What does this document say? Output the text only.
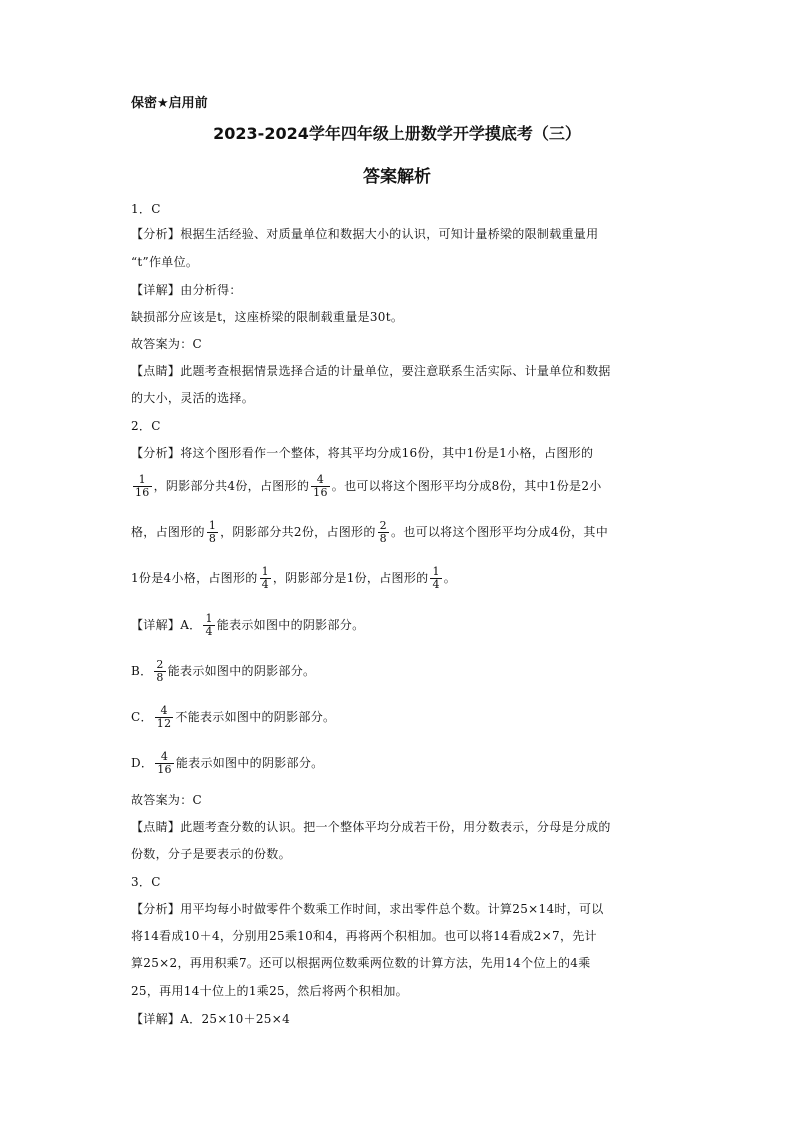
保密★启用前
2023-2024学年四年级上册数学开学摸底考（三）
答案解析
1．C
【分析】根据生活经验、对质量单位和数据大小的认识，可知计量桥梁的限制载重量用
“t”作单位。
【详解】由分析得：
缺损部分应该是t，这座桥梁的限制载重量是30t。
故答案为：C
【点睛】此题考查根据情景选择合适的计量单位，要注意联系生活实际、计量单位和数据
的大小，灵活的选择。
2．C
【分析】将这个图形看作一个整体，将其平均分成16份，其中1份是1小格，占图形的
$\frac{1}{16}$ ，阴影部分共4份，占图形的 $\frac{4}{16}$ 。也可以将这个图形平均分成8份，其中1份是2小
格，占图形的 $\frac{1}{8}$ ，阴影部分共2份，占图形的 $\frac{2}{8}$ 。也可以将这个图形平均分成4份，其中
1份是4小格，占图形的 $\frac{1}{4}$ ，阴影部分是1份，占图形的 $\frac{1}{4}$ 。
【详解】A． $\frac{1}{4}$ 能表示如图中的阴影部分。
B． $\frac{2}{8}$ 能表示如图中的阴影部分。
C． $\frac{4}{12}$ 不能表示如图中的阴影部分。
D． $\frac{4}{16}$ 能表示如图中的阴影部分。
故答案为：C
【点睛】此题考查分数的认识。把一个整体平均分成若干份，用分数表示，分母是分成的
份数，分子是要表示的份数。
3．C
【分析】用平均每小时做零件个数乘工作时间，求出零件总个数。计算25×14时，可以
将14看成10＋4，分别用25乘10和4，再将两个积相加。也可以将14看成2×7，先计
算25×2，再用积乘7。还可以根据两位数乘两位数的计算方法，先用14个位上的4乘
25，再用14十位上的1乘25，然后将两个积相加。
【详解】A．25×10＋25×4
